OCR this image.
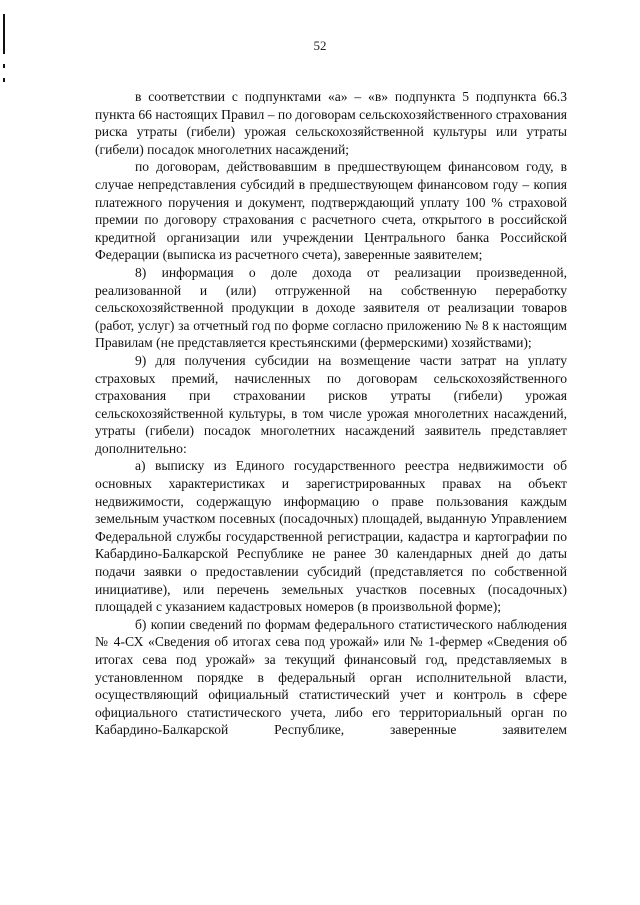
52

в соответствии с подпунктами «а» – «в» подпункта 5 подпункта 66.3 пункта 66 настоящих Правил – по договорам сельскохозяйственного страхования риска утраты (гибели) урожая сельскохозяйственной культуры или утраты (гибели) посадок многолетних насаждений;

по договорам, действовавшим в предшествующем финансовом году, в случае непредставления субсидий в предшествующем финансовом году – копия платежного поручения и документ, подтверждающий уплату 100 % страховой премии по договору страхования с расчетного счета, открытого в российской кредитной организации или учреждении Центрального банка Российской Федерации (выписка из расчетного счета), заверенные заявителем;

8) информация о доле дохода от реализации произведенной, реализованной и (или) отгруженной на собственную переработку сельскохозяйственной продукции в доходе заявителя от реализации товаров (работ, услуг) за отчетный год по форме согласно приложению № 8 к настоящим Правилам (не представляется крестьянскими (фермерскими) хозяйствами);

9) для получения субсидии на возмещение части затрат на уплату страховых премий, начисленных по договорам сельскохозяйственного страхования при страховании рисков утраты (гибели) урожая сельскохозяйственной культуры, в том числе урожая многолетних насаждений, утраты (гибели) посадок многолетних насаждений заявитель представляет дополнительно:

а) выписку из Единого государственного реестра недвижимости об основных характеристиках и зарегистрированных правах на объект недвижимости, содержащую информацию о праве пользования каждым земельным участком посевных (посадочных) площадей, выданную Управлением Федеральной службы государственной регистрации, кадастра и картографии по Кабардино-Балкарской Республике не ранее 30 календарных дней до даты подачи заявки о предоставлении субсидий (представляется по собственной инициативе), или перечень земельных участков посевных (посадочных) площадей с указанием кадастровых номеров (в произвольной форме);

б) копии сведений по формам федерального статистического наблюдения № 4-СХ «Сведения об итогах сева под урожай» или № 1-фермер «Сведения об итогах сева под урожай» за текущий финансовый год, представляемых в установленном порядке в федеральный орган исполнительной власти, осуществляющий официальный статистический учет и контроль в сфере официального статистического учета, либо его территориальный орган по Кабардино-Балкарской Республике, заверенные заявителем
